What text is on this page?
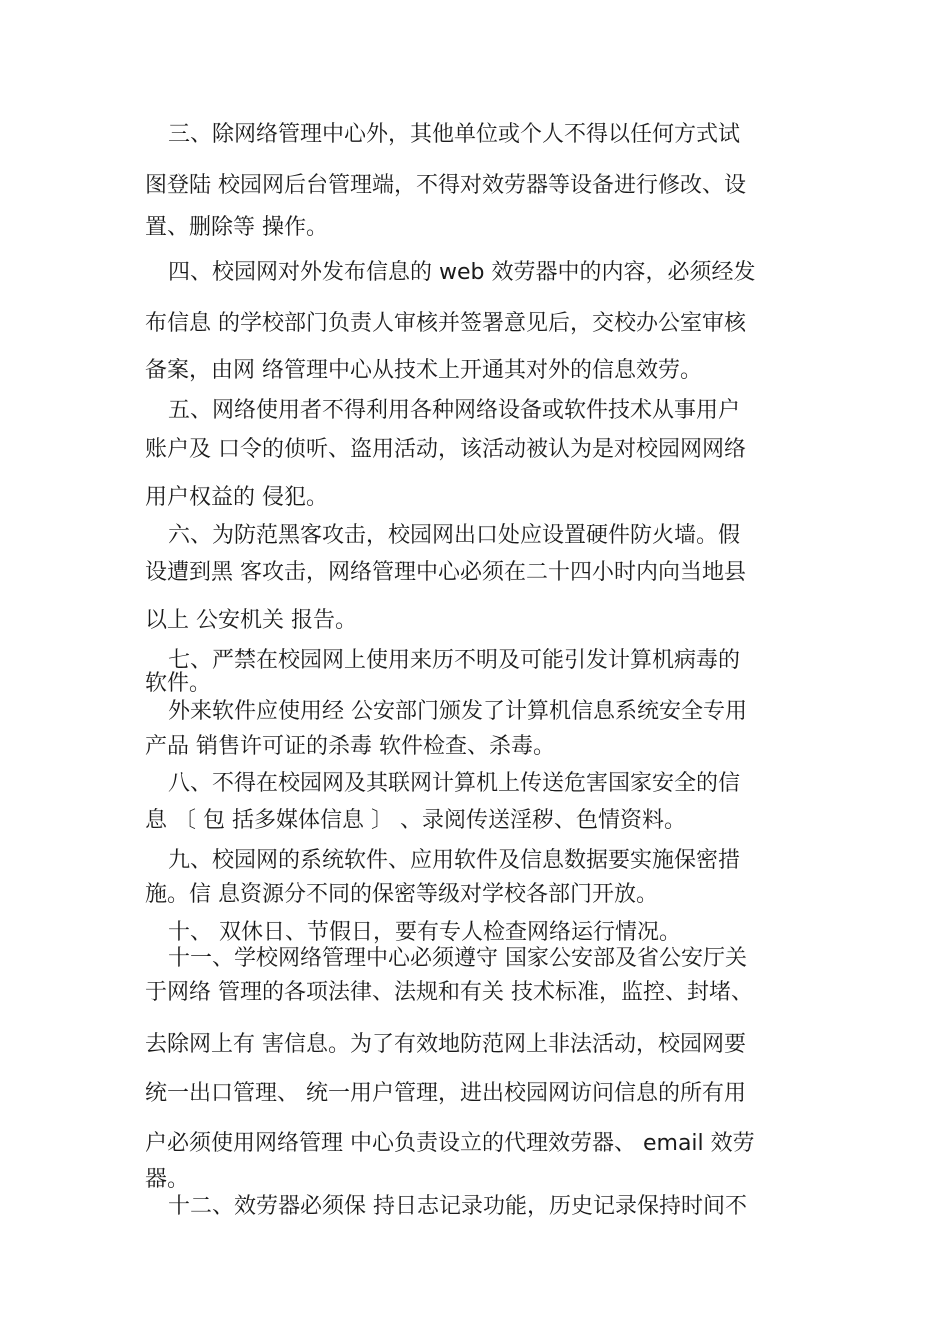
三、除网络管理中心外，其他单位或个人不得以任何方式试
图登陆 校园网后台管理端，不得对效劳器等设备进行修改、设
置、删除等 操作。
四、校园网对外发布信息的 web 效劳器中的内容，必须经发
布信息 的学校部门负责人审核并签署意见后，交校办公室审核
备案，由网 络管理中心从技术上开通其对外的信息效劳。
五、网络使用者不得利用各种网络设备或软件技术从事用户
账户及 口令的侦听、盗用活动，该活动被认为是对校园网网络
用户权益的 侵犯。
六、为防范黑客攻击，校园网出口处应设置硬件防火墙。假
设遭到黑 客攻击，网络管理中心必须在二十四小时内向当地县
以上 公安机关 报告。
七、严禁在校园网上使用来历不明及可能引发计算机病毒的
软件。
外来软件应使用经 公安部门颁发了计算机信息系统安全专用
产品 销售许可证的杀毒 软件检查、杀毒。
八、不得在校园网及其联网计算机上传送危害国家安全的信
息 〔 包 括多媒体信息 〕 、录阅传送淫秽、色情资料。
九、校园网的系统软件、应用软件及信息数据要实施保密措
施。信 息资源分不同的保密等级对学校各部门开放。
十、 双休日、节假日，要有专人检查网络运行情况。
十一、学校网络管理中心必须遵守 国家公安部及省公安厅关
于网络 管理的各项法律、法规和有关 技术标准，监控、封堵、
去除网上有 害信息。为了有效地防范网上非法活动，校园网要
统一出口管理、 统一用户管理，进出校园网访问信息的所有用
户必须使用网络管理 中心负责设立的代理效劳器、 email 效劳
器。
十二、效劳器必须保 持日志记录功能，历史记录保持时间不
